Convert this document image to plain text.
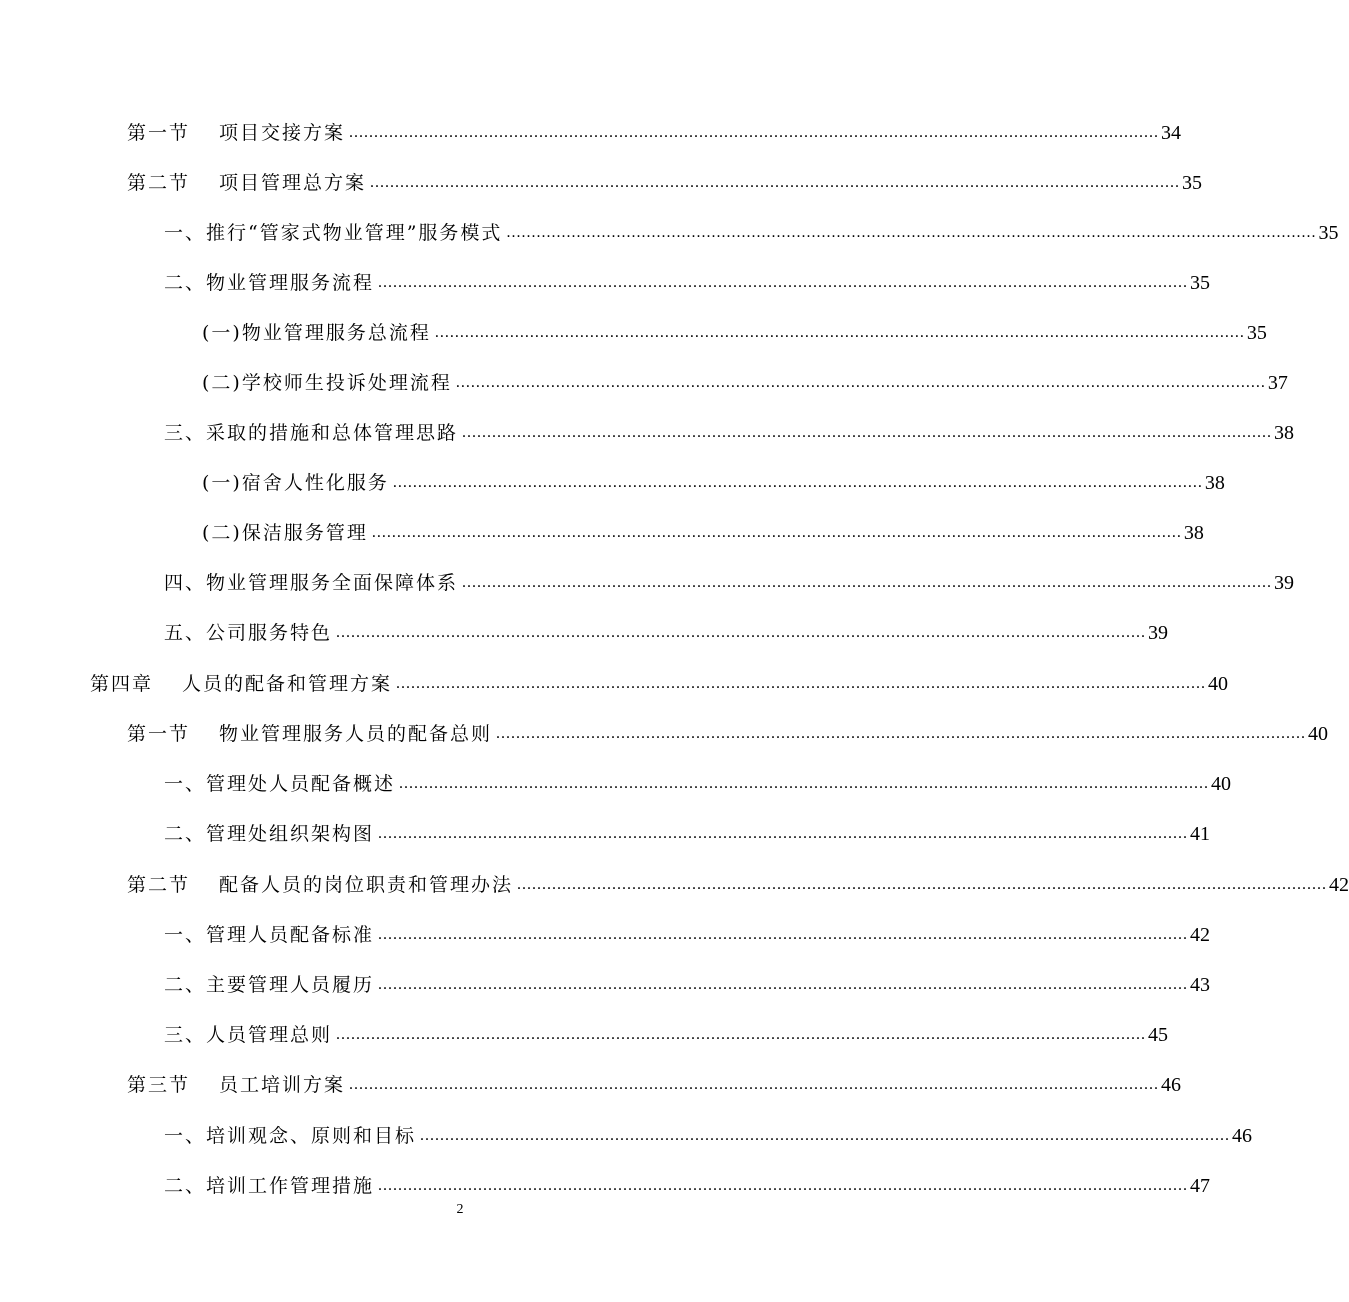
第一节　 项目交接方案 .................................................................................................................................................................. 34
第二节　 项目管理总方案 .................................................................................................................................................................. 35
一、推行“管家式物业管理”服务模式 .................................................................................................................................................................. 35
二、物业管理服务流程 .................................................................................................................................................................. 35
(一)物业管理服务总流程 .................................................................................................................................................................. 35
(二)学校师生投诉处理流程 .................................................................................................................................................................. 37
三、采取的措施和总体管理思路 .................................................................................................................................................................. 38
(一)宿舍人性化服务 .................................................................................................................................................................. 38
(二)保洁服务管理 .................................................................................................................................................................. 38
四、物业管理服务全面保障体系 .................................................................................................................................................................. 39
五、公司服务特色 .................................................................................................................................................................. 39
第四章　 人员的配备和管理方案 .................................................................................................................................................................. 40
第一节　 物业管理服务人员的配备总则 .................................................................................................................................................................. 40
一、管理处人员配备概述 .................................................................................................................................................................. 40
二、管理处组织架构图 .................................................................................................................................................................. 41
第二节　 配备人员的岗位职责和管理办法 .................................................................................................................................................................. 42
一、管理人员配备标准 .................................................................................................................................................................. 42
二、主要管理人员履历 .................................................................................................................................................................. 43
三、人员管理总则 .................................................................................................................................................................. 45
第三节　 员工培训方案 .................................................................................................................................................................. 46
一、培训观念、原则和目标 .................................................................................................................................................................. 46
二、培训工作管理措施 .................................................................................................................................................................. 47
2
